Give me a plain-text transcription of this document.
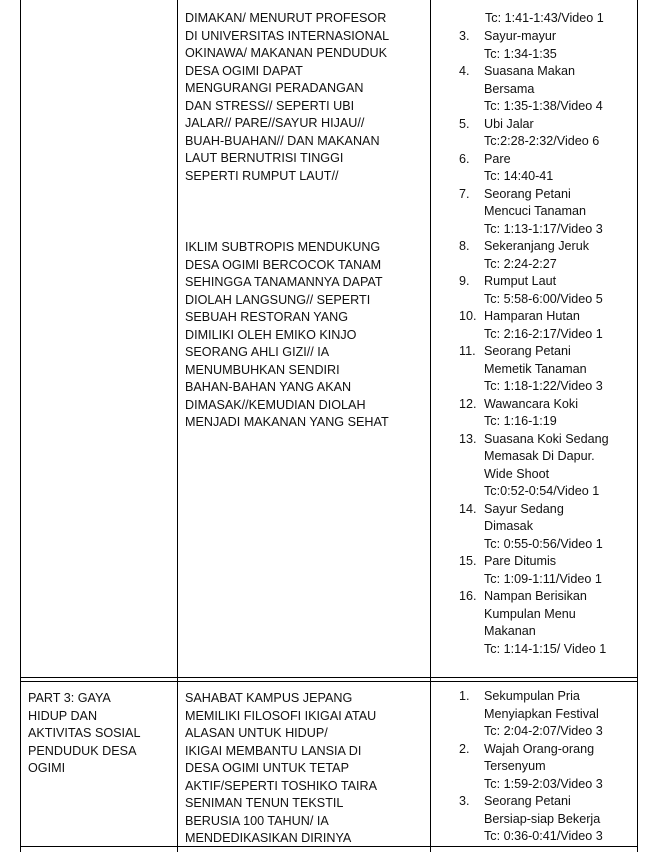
DIMAKAN/ MENURUT PROFESOR
DI UNIVERSITAS INTERNASIONAL
OKINAWA/ MAKANAN PENDUDUK
DESA OGIMI DAPAT
MENGURANGI PERADANGAN
DAN STRESS// SEPERTI UBI
JALAR// PARE//SAYUR HIJAU//
BUAH-BUAHAN// DAN MAKANAN
LAUT BERNUTRISI TINGGI
SEPERTI RUMPUT LAUT//
IKLIM SUBTROPIS MENDUKUNG
DESA OGIMI BERCOCOK TANAM
SEHINGGA TANAMANNYA DAPAT
DIOLAH LANGSUNG// SEPERTI
SEBUAH RESTORAN YANG
DIMILIKI OLEH EMIKO KINJO
SEORANG AHLI GIZI// IA
MENUMBUHKAN SENDIRI
BAHAN-BAHAN YANG AKAN
DIMASAK//KEMUDIAN DIOLAH
MENJADI MAKANAN YANG SEHAT
Tc: 1:41-1:43/Video 1
3. Sayur-mayur
Tc: 1:34-1:35
4. Suasana Makan
Bersama
Tc: 1:35-1:38/Video 4
5. Ubi Jalar
Tc:2:28-2:32/Video 6
6. Pare
Tc: 14:40-41
7. Seorang Petani
Mencuci Tanaman
Tc: 1:13-1:17/Video 3
8. Sekeranjang Jeruk
Tc: 2:24-2:27
9. Rumput Laut
Tc: 5:58-6:00/Video 5
10. Hamparan Hutan
Tc: 2:16-2:17/Video 1
11. Seorang Petani
Memetik Tanaman
Tc: 1:18-1:22/Video 3
12. Wawancara Koki
Tc: 1:16-1:19
13. Suasana Koki Sedang
Memasak Di Dapur.
Wide Shoot
Tc:0:52-0:54/Video 1
14. Sayur Sedang
Dimasak
Tc: 0:55-0:56/Video 1
15. Pare Ditumis
Tc: 1:09-1:11/Video 1
16. Nampan Berisikan
Kumpulan Menu
Makanan
Tc: 1:14-1:15/ Video 1
PART 3: GAYA
HIDUP DAN
AKTIVITAS SOSIAL
PENDUDUK DESA
OGIMI
SAHABAT KAMPUS JEPANG
MEMILIKI FILOSOFI IKIGAI ATAU
ALASAN UNTUK HIDUP/
IKIGAI MEMBANTU LANSIA DI
DESA OGIMI UNTUK TETAP
AKTIF/SEPERTI TOSHIKO TAIRA
SENIMAN TENUN TEKSTIL
BERUSIA 100 TAHUN/ IA
MENDEDIKASIKAN DIRINYA
1. Sekumpulan Pria
Menyiapkan Festival
Tc: 2:04-2:07/Video 3
2. Wajah Orang-orang
Tersenyum
Tc: 1:59-2:03/Video 3
3. Seorang Petani
Bersiap-siap Bekerja
Tc: 0:36-0:41/Video 3
